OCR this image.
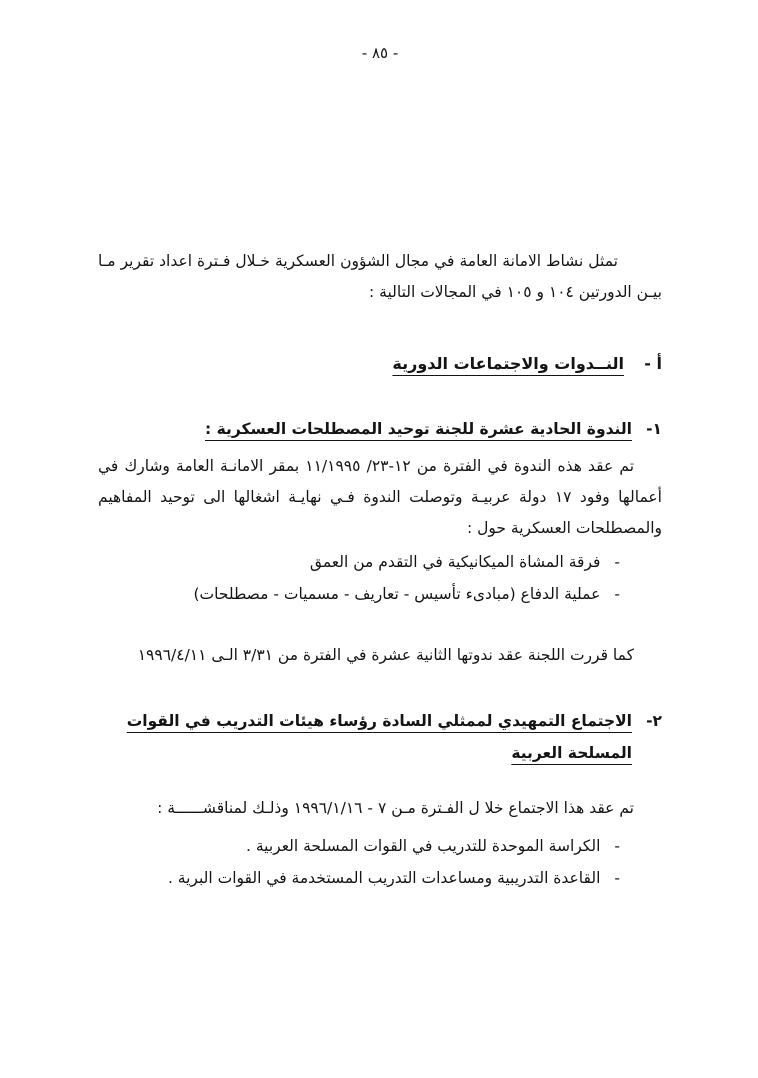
- ٨٥ -

تمثل نشاط الامانة العامة في مجال الشؤون العسكرية خـلال فـترة اعداد تقرير مـا بيـن الدورتين ١٠٤ و ١٠٥ في المجالات التالية :

أ -
النــدوات والاجتماعات الدورية
١-
الندوة الحادية عشرة للجنة توحيد المصطلحات العسكرية :

تم عقد هذه الندوة في الفترة من ١٢-٢٣/ ١١/١٩٩٥ بمقر الامانـة العامة وشارك في أعمالها وفود ١٧ دولة عربيـة وتوصلت الندوة فـي نهايـة اشغالها الى توحيد المفاهيم والمصطلحات العسكرية حول :

-
فرقة المشاة الميكانيكية في التقدم من العمق
-
عملية الدفاع (مبادىء تأسيس - تعاريف - مسميات - مصطلحات)

كما قررت اللجنة عقد ندوتها الثانية عشرة في الفترة من ٣/٣١ الـى ١٩٩٦/٤/١١

٢-
الاجتماع التمهيدي لممثلي السادة رؤساء هيئات التدريب في القوات المسلحة العربية

تم عقد هذا الاجتماع خلا ل الفـترة مـن ٧ - ١٩٩٦/١/١٦ وذلـك لمناقشــــــة :

-
الكراسة الموحدة للتدريب في القوات المسلحة العربية .
-
القاعدة التدريبية ومساعدات التدريب المستخدمة في القوات البرية .
